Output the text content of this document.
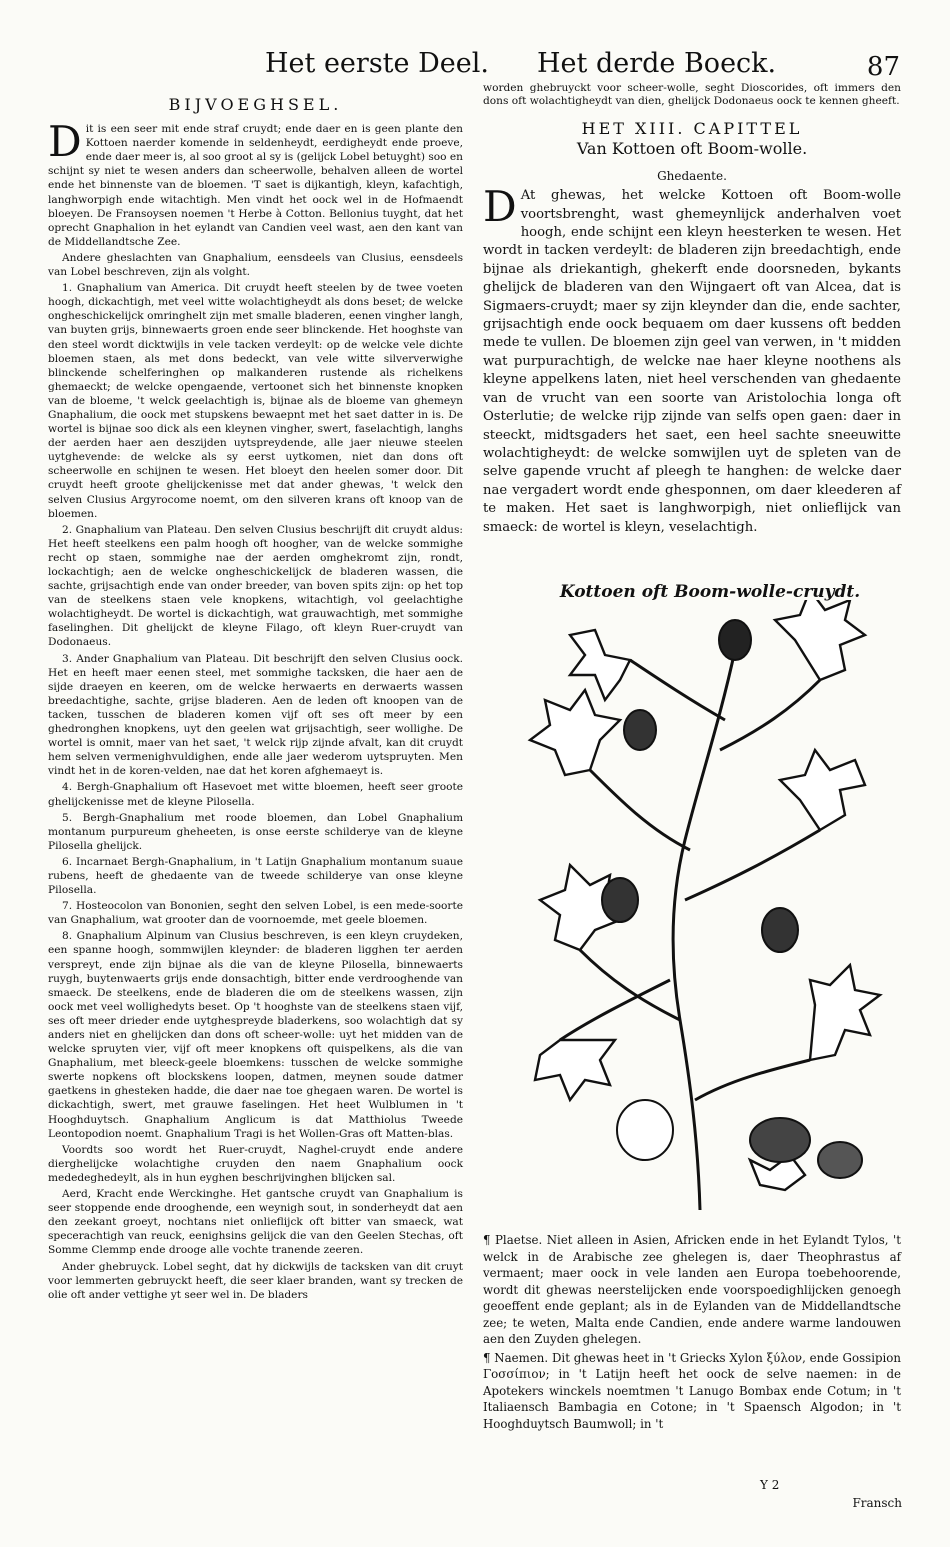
Het eerste Deel. Het derde Boeck.	87
BIJVOEGHSEL.

Dit is een seer mit ende straf cruydt; ende daer en is geen plante den Kottoen naerder komende in seldenheydt, eerdigheydt ende proeve, ende daer meer is, al soo groot al sy is (gelijck Lobel betuyght) soo en schijnt sy niet te wesen anders dan scheerwolle, behalven alleen de wortel ende het binnenste van de bloemen. 'T saet is dijkantigh, kleyn, kafachtigh, langhworpigh ende witachtigh. Men vindt het oock wel in de Hofmaendt bloeyen. De Fransoysen noemen 't Herbe à Cotton. Bellonius tuyght, dat het oprecht Gnaphalion in het eylandt van Candien veel wast, aen den kant van de Middellandtsche Zee.

Andere gheslachten van Gnaphalium, eensdeels van Clusius, eensdeels van Lobel beschreven, zijn als volght.

1. Gnaphalium van America. Dit cruydt heeft steelen by de twee voeten hoogh, dickachtigh, met veel witte wolachtigheydt als dons beset; de welcke ongheschickelijck omringhelt zijn met smalle bladeren, eenen vingher langh, van buyten grijs, binnewaerts groen ende seer blinckende. Het hooghste van den steel wordt dicktwijls in vele tacken verdeylt: op de welcke vele dichte bloemen staen, als met dons bedeckt, van vele witte silververwighe blinckende schelferinghen op malkanderen rustende als richelkens ghemaeckt; de welcke opengaende, vertoonet sich het binnenste knopken van de bloeme, 't welck geelachtigh is, bijnae als de bloeme van ghemeyn Gnaphalium, die oock met stupskens bewaepnt met het saet datter in is. De wortel is bijnae soo dick als een kleynen vingher, swert, faselachtigh, langhs der aerden haer aen deszijden uytspreydende, alle jaer nieuwe steelen uytghevende: de welcke als sy eerst uytkomen, niet dan dons oft scheerwolle en schijnen te wesen. Het bloeyt den heelen somer door. Dit cruydt heeft groote ghelijckenisse met dat ander ghewas, 't welck den selven Clusius Argyrocome noemt, om den silveren krans oft knoop van de bloemen.

2. Gnaphalium van Plateau. Den selven Clusius beschrijft dit cruydt aldus: Het heeft steelkens een palm hoogh oft hoogher, van de welcke sommighe recht op staen, sommighe nae der aerden omghekromt zijn, rondt, lockachtigh; aen de welcke ongheschickelijck de bladeren wassen, die sachte, grijsachtigh ende van onder breeder, van boven spits zijn: op het top van de steelkens staen vele knopkens, witachtigh, vol geelachtighe wolachtigheydt. De wortel is dickachtigh, wat grauwachtigh, met sommighe faselinghen. Dit ghelijckt de kleyne Filago, oft kleyn Ruer-cruydt van Dodonaeus.

3. Ander Gnaphalium van Plateau. Dit beschrijft den selven Clusius oock. Het en heeft maer eenen steel, met sommighe tacksken, die haer aen de sijde draeyen en keeren, om de welcke herwaerts en derwaerts wassen breedachtighe, sachte, grijse bladeren. Aen de leden oft knoopen van de tacken, tusschen de bladeren komen vijf oft ses oft meer by een ghedronghen knopkens, uyt den geelen wat grijsachtigh, seer wollighe. De wortel is omnit, maer van het saet, 't welck rijp zijnde afvalt, kan dit cruydt hem selven vermenighvuldighen, ende alle jaer wederom uytspruyten. Men vindt het in de koren-velden, nae dat het koren afghemaeyt is.

4. Bergh-Gnaphalium oft Hasevoet met witte bloemen, heeft seer groote ghelijckenisse met de kleyne Pilosella.

5. Bergh-Gnaphalium met roode bloemen, dan Lobel Gnaphalium montanum purpureum gheheeten, is onse eerste schilderye van de kleyne Pilosella ghelijck.

6. Incarnaet Bergh-Gnaphalium, in 't Latijn Gnaphalium montanum suaue rubens, heeft de ghedaente van de tweede schilderye van onse kleyne Pilosella.

7. Hosteocolon van Bononien, seght den selven Lobel, is een mede-soorte van Gnaphalium, wat grooter dan de voornoemde, met geele bloemen.

8. Gnaphalium Alpinum van Clusius beschreven, is een kleyn cruydeken, een spanne hoogh, sommwijlen kleynder: de bladeren ligghen ter aerden verspreyt, ende zijn bijnae als die van de kleyne Pilosella, binnewaerts ruygh, buytenwaerts grijs ende donsachtigh, bitter ende verdrooghende van smaeck. De steelkens, ende de bladeren die om de steelkens wassen, zijn oock met veel wollighedyts beset. Op 't hooghste van de steelkens staen vijf, ses oft meer drieder ende uytghespreyde bladerkens, soo wolachtigh dat sy anders niet en ghelijcken dan dons oft scheer-wolle: uyt het midden van de welcke spruyten vier, vijf oft meer knopkens oft quispelkens, als die van Gnaphalium, met bleeck-geele bloemkens: tusschen de welcke sommighe swerte nopkens oft blockskens loopen, datmen, meynen soude datmer gaetkens in ghesteken hadde, die daer nae toe ghegaen waren. De wortel is dickachtigh, swert, met grauwe faselingen. Het heet Wulblumen in 't Hooghduytsch. Gnaphalium Anglicum is dat Matthiolus Tweede Leontopodion noemt. Gnaphalium Tragi is het Wollen-Gras oft Matten-blas.

Voordts soo wordt het Ruer-cruydt, Naghel-cruydt ende andere dierghelijcke wolachtighe cruyden den naem Gnaphalium oock mededeghedeylt, als in hun eyghen beschrijvinghen blijcken sal.

Aerd, Kracht ende Werckinghe. Het gantsche cruydt van Gnaphalium is seer stoppende ende drooghende, een weynigh sout, in sonderheydt dat aen den zeekant groeyt, nochtans niet onlieflijck oft bitter van smaeck, wat specerachtigh van reuck, eenighsins gelijck die van den Geelen Stechas, oft Somme Clemmp ende drooge alle vochte tranende zeeren.

Ander ghebruyck. Lobel seght, dat hy dickwijls de tacksken van dit cruyt voor lemmerten gebruyckt heeft, die seer klaer branden, want sy trecken de olie oft ander vettighe yt seer wel in. De bladers

worden ghebruyckt voor scheer-wolle, seght Dioscorides, oft immers den dons oft wolachtigheydt van dien, ghelijck Dodonaeus oock te kennen gheeft.

HET XIII. CAPITTEL
Van Kottoen oft Boom-wolle.
Ghedaente.

D At ghewas, het welcke Kottoen oft Boom-wolle voortsbrenght, wast ghemeynlijck anderhalven voet hoogh, ende schijnt een kleyn heesterken te wesen. Het wordt in tacken verdeylt: de bladeren zijn breedachtigh, ende bijnae als driekantigh, ghekerft ende doorsneden, bykants ghelijck de bladeren van den Wijngaert oft van Alcea, dat is Sigmaers-cruydt; maer sy zijn kleynder dan die, ende sachter, grijsachtigh ende oock bequaem om daer kussens oft bedden mede te vullen. De bloemen zijn geel van verwen, in 't midden wat purpurachtigh, de welcke nae haer kleyne noothens als kleyne appelkens laten, niet heel verschenden van ghedaente van de vrucht van een soorte van Aristolochia longa oft Osterlutie; de welcke rijp zijnde van selfs open gaen: daer in steeckt, midtsgaders het saet, een heel sachte sneeuwitte wolachtigheydt: de welcke somwijlen uyt de spleten van de selve gapende vrucht af pleegh te hanghen: de welcke daer nae vergadert wordt ende ghesponnen, om daer kleederen af te maken. Het saet is langhworpigh, niet onlieflijck van smaeck: de wortel is kleyn, veselachtigh.

Kottoen oft Boom-wolle-cruydt.

¶ Plaetse. Niet alleen in Asien, Africken ende in het Eylandt Tylos, 't welck in de Arabische zee ghelegen is, daer Theophrastus af vermaent; maer oock in vele landen aen Europa toebehoorende, wordt dit ghewas neerstelijcken ende voorspoedighlijcken genoegh geoeffent ende geplant; als in de Eylanden van de Middellandtsche zee; te weten, Malta ende Candien, ende andere warme landouwen aen den Zuyden ghelegen.

¶ Naemen. Dit ghewas heet in 't Griecks Xylon ξύλον, ende Gossipion Γοσσίπιον; in 't Latijn heeft het oock de selve naemen: in de Apotekers winckels noemtmen 't Lanugo Bombax ende Cotum; in 't Italiaensch Bambagia en Cotone; in 't Spaensch Algodon; in 't Hooghduytsch Baumwoll; in 't

Y 2
Fransch
